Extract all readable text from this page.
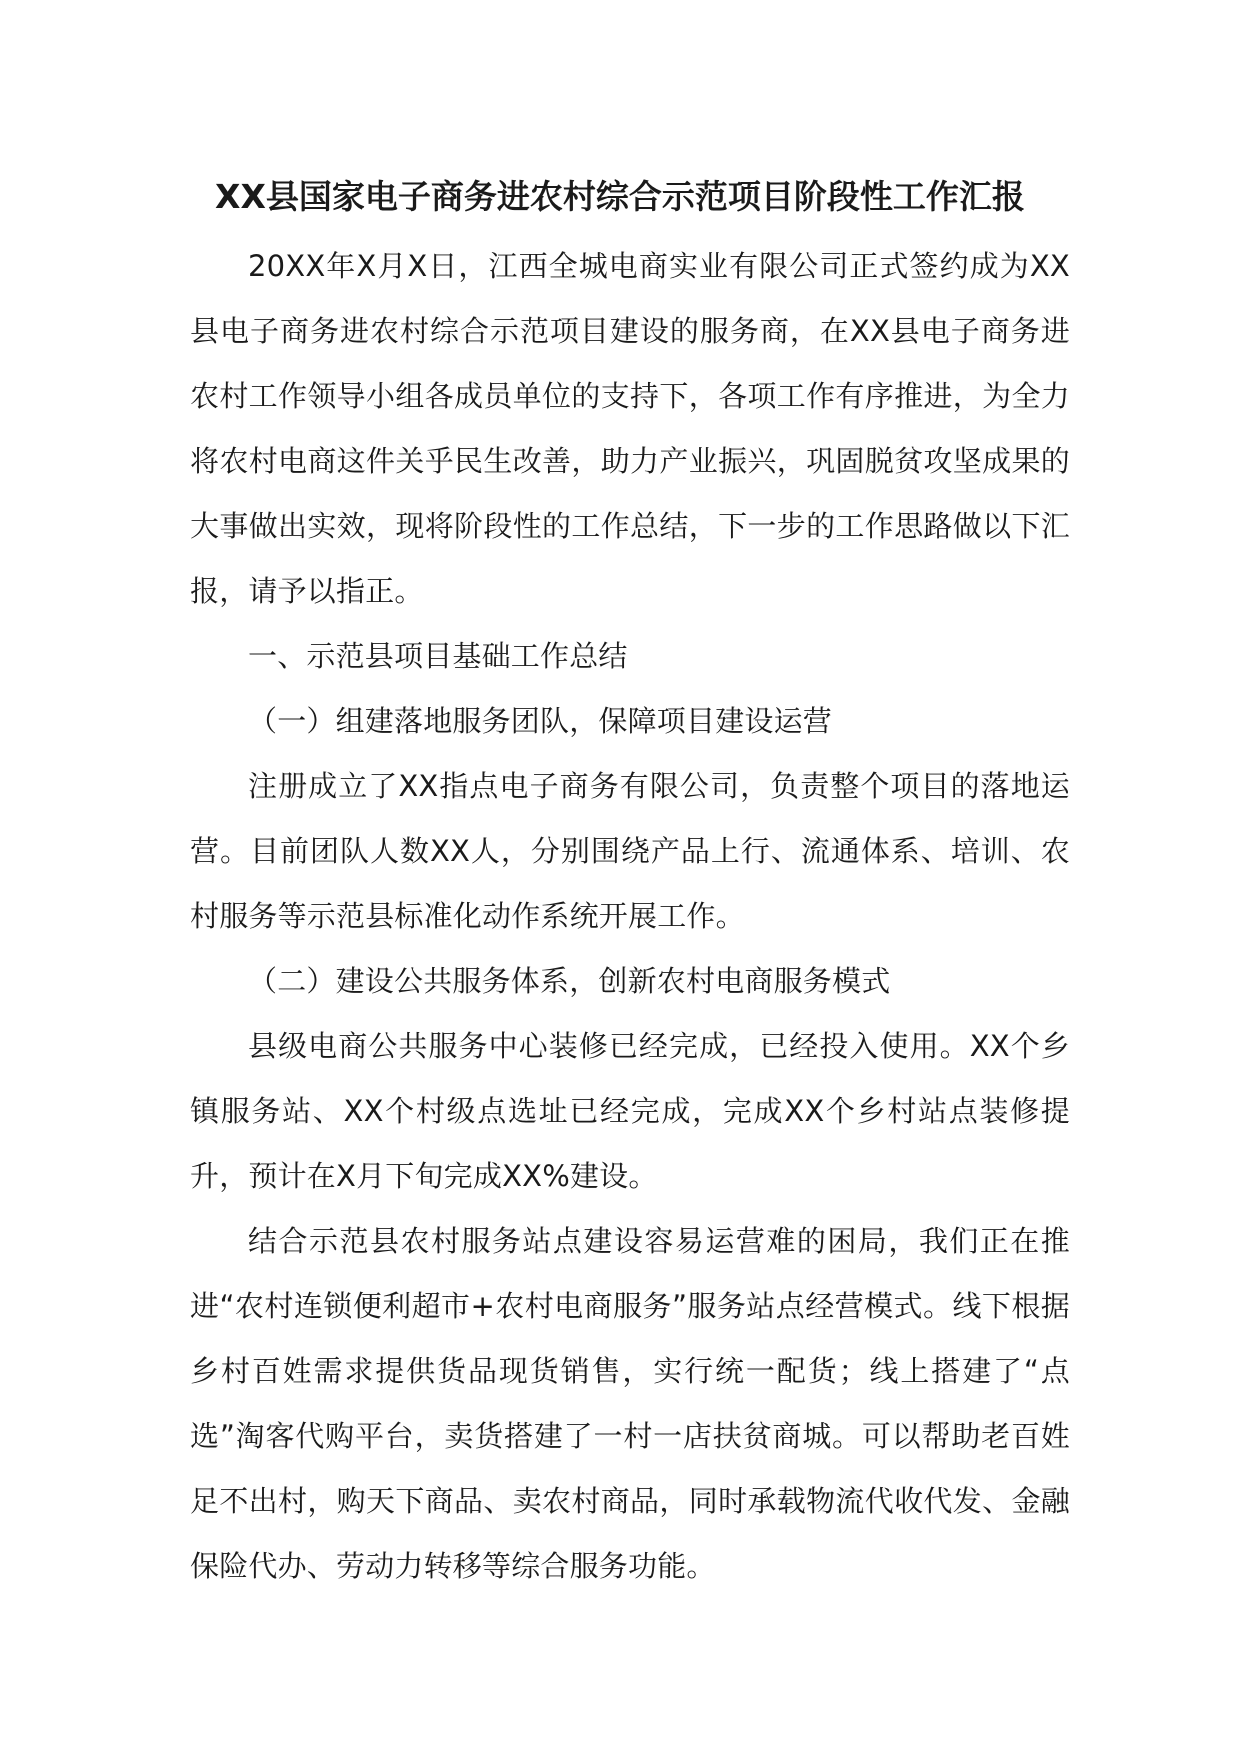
XX县国家电子商务进农村综合示范项目阶段性工作汇报

20XX年X月X日，江西全城电商实业有限公司正式签约成为XX县电子商务进农村综合示范项目建设的服务商，在XX县电子商务进农村工作领导小组各成员单位的支持下，各项工作有序推进，为全力将农村电商这件关乎民生改善，助力产业振兴，巩固脱贫攻坚成果的大事做出实效，现将阶段性的工作总结，下一步的工作思路做以下汇报，请予以指正。

一、示范县项目基础工作总结

（一）组建落地服务团队，保障项目建设运营

注册成立了XX指点电子商务有限公司，负责整个项目的落地运营。目前团队人数XX人，分别围绕产品上行、流通体系、培训、农村服务等示范县标准化动作系统开展工作。

（二）建设公共服务体系，创新农村电商服务模式

县级电商公共服务中心装修已经完成，已经投入使用。XX个乡镇服务站、XX个村级点选址已经完成，完成XX个乡村站点装修提升，预计在X月下旬完成XX%建设。

结合示范县农村服务站点建设容易运营难的困局，我们正在推进“农村连锁便利超市+农村电商服务”服务站点经营模式。线下根据乡村百姓需求提供货品现货销售，实行统一配货；线上搭建了“点选”淘客代购平台，卖货搭建了一村一店扶贫商城。可以帮助老百姓足不出村，购天下商品、卖农村商品，同时承载物流代收代发、金融保险代办、劳动力转移等综合服务功能。
